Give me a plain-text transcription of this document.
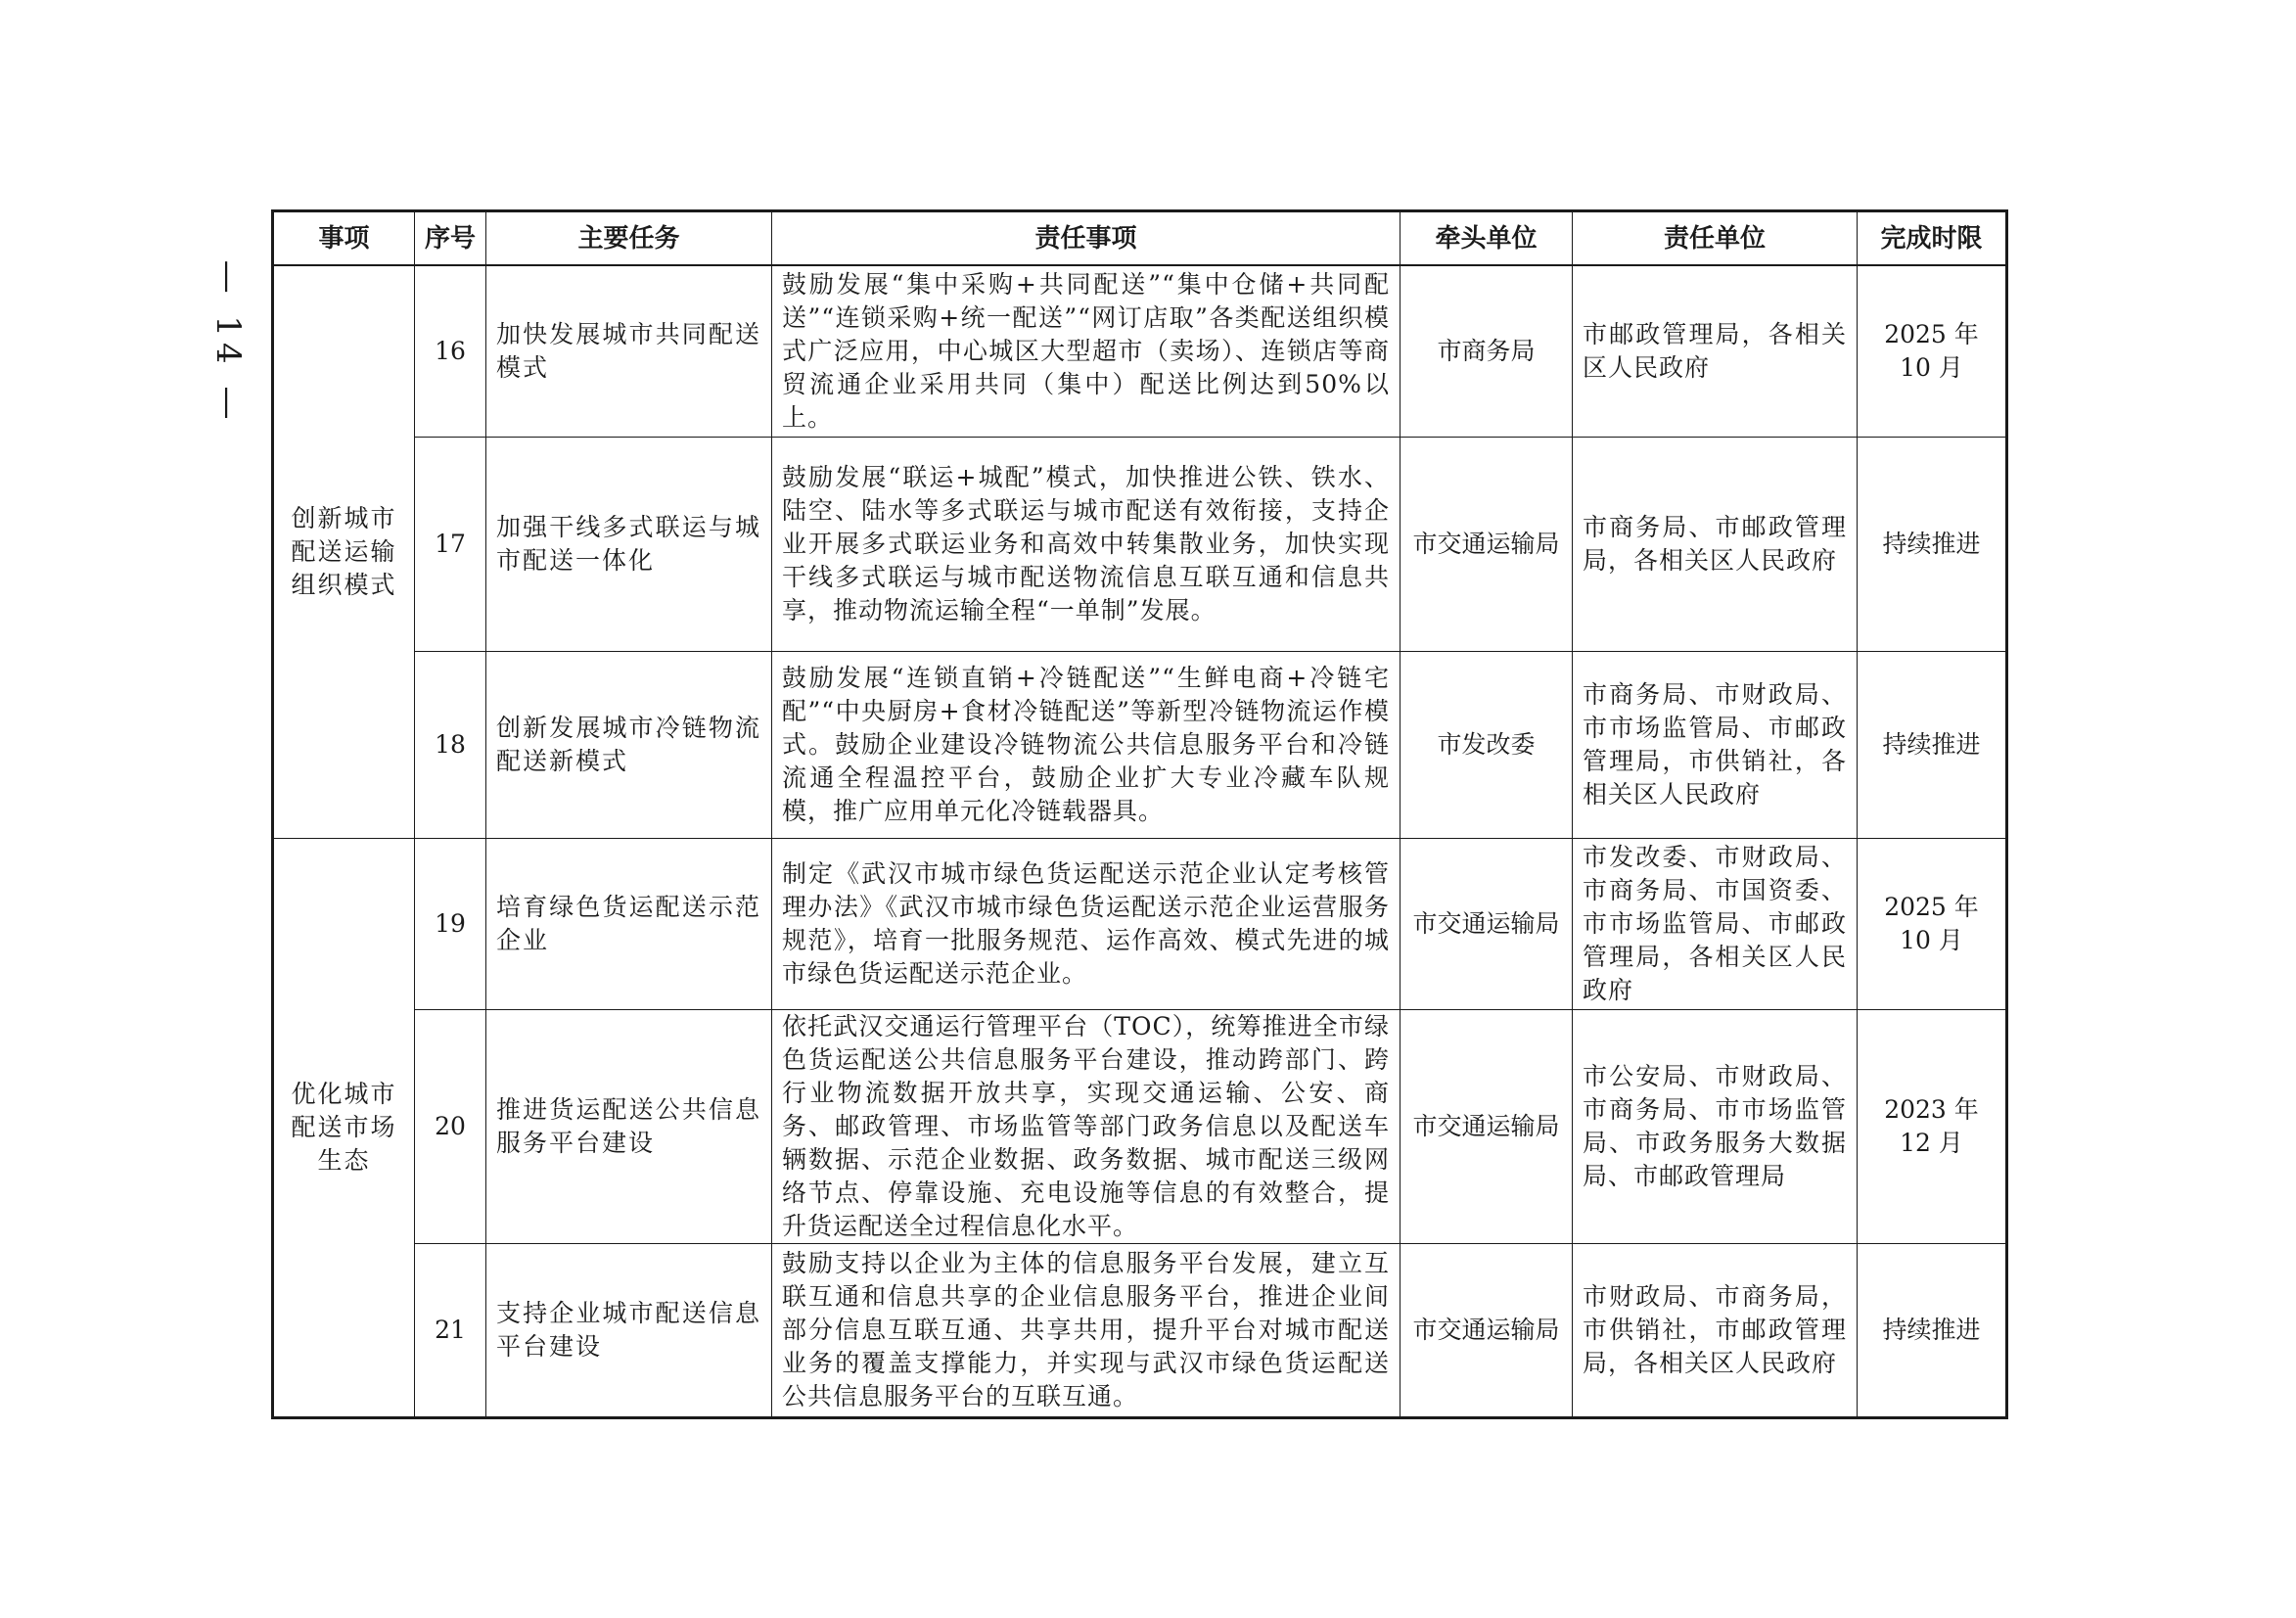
— 14 —
事项	序号	主要任务	责任事项	牵头单位	责任单位	完成时限
创新城市配送运输组织模式	16	加快发展城市共同配送模式	鼓励发展“集中采购+共同配送”“集中仓储+共同配送”“连锁采购+统一配送”“网订店取”各类配送组织模式广泛应用，中心城区大型超市（卖场）、连锁店等商贸流通企业采用共同（集中）配送比例达到50%以上。	市商务局	市邮政管理局，各相关区人民政府	2025 年
10 月

	17	加强干线多式联运与城市配送一体化	鼓励发展“联运+城配”模式，加快推进公铁、铁水、陆空、陆水等多式联运与城市配送有效衔接，支持企业开展多式联运业务和高效中转集散业务，加快实现干线多式联运与城市配送物流信息互联互通和信息共享，推动物流运输全程“一单制”发展。	市交通运输局	市商务局、市邮政管理局，各相关区人民政府	持续推进

	18	创新发展城市冷链物流配送新模式	鼓励发展“连锁直销+冷链配送”“生鲜电商+冷链宅配”“中央厨房+食材冷链配送”等新型冷链物流运作模式。鼓励企业建设冷链物流公共信息服务平台和冷链流通全程温控平台，鼓励企业扩大专业冷藏车队规模，推广应用单元化冷链载器具。	市发改委	市商务局、市财政局、市市场监管局、市邮政管理局，市供销社，各相关区人民政府	持续推进

优化城市配送市场生态	19	培育绿色货运配送示范企业	制定《武汉市城市绿色货运配送示范企业认定考核管理办法》《武汉市城市绿色货运配送示范企业运营服务规范》，培育一批服务规范、运作高效、模式先进的城市绿色货运配送示范企业。	市交通运输局	市发改委、市财政局、市商务局、市国资委、市市场监管局、市邮政管理局，各相关区人民政府	2025 年
10 月

	20	推进货运配送公共信息服务平台建设	依托武汉交通运行管理平台（TOC），统筹推进全市绿色货运配送公共信息服务平台建设，推动跨部门、跨行业物流数据开放共享，实现交通运输、公安、商务、邮政管理、市场监管等部门政务信息以及配送车辆数据、示范企业数据、政务数据、城市配送三级网络节点、停靠设施、充电设施等信息的有效整合，提升货运配送全过程信息化水平。	市交通运输局	市公安局、市财政局、市商务局、市市场监管局、市政务服务大数据局、市邮政管理局	2023 年
12 月

	21	支持企业城市配送信息平台建设	鼓励支持以企业为主体的信息服务平台发展，建立互联互通和信息共享的企业信息服务平台，推进企业间部分信息互联互通、共享共用，提升平台对城市配送业务的覆盖支撑能力，并实现与武汉市绿色货运配送公共信息服务平台的互联互通。	市交通运输局	市财政局、市商务局，市供销社，市邮政管理局，各相关区人民政府	持续推进
